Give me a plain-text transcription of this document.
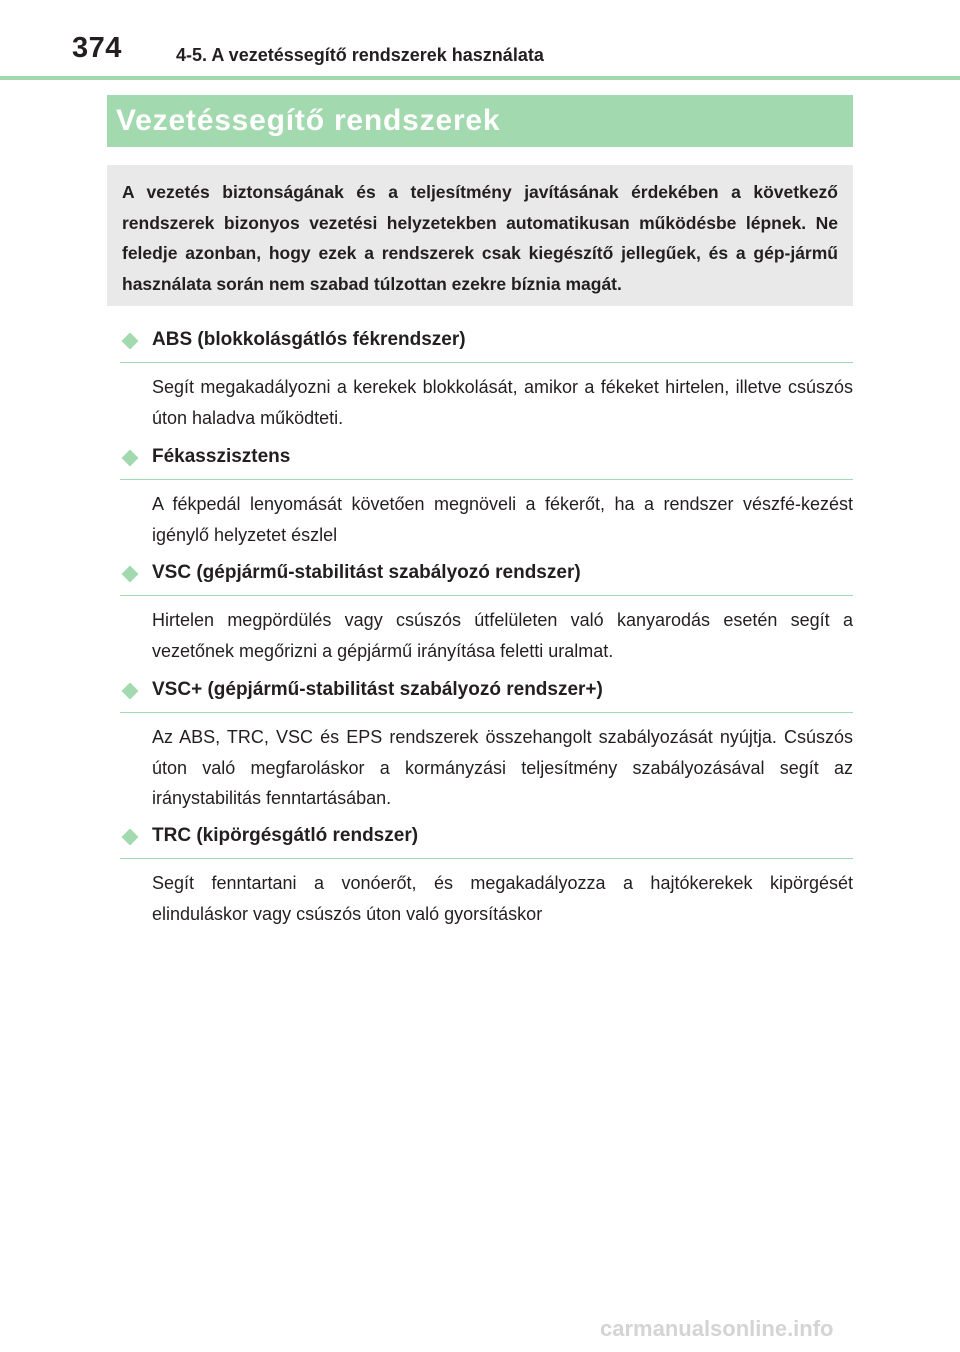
374	4-5. A vezetéssegítő rendszerek használata
Vezetéssegítő rendszerek
A vezetés biztonságának és a teljesítmény javításának érdekében a következő rendszerek bizonyos vezetési helyzetekben automatikusan működésbe lépnek. Ne feledje azonban, hogy ezek a rendszerek csak kiegészítő jellegűek, és a gép-jármű használata során nem szabad túlzottan ezekre bíznia magát.
ABS (blokkolásgátlós fékrendszer)
Segít megakadályozni a kerekek blokkolását, amikor a fékeket hirtelen, illetve csúszós úton haladva működteti.
Fékasszisztens
A fékpedál lenyomását követően megnöveli a fékerőt, ha a rendszer vészfé-kezést igénylő helyzetet észlel
VSC (gépjármű-stabilitást szabályozó rendszer)
Hirtelen megpördülés vagy csúszós útfelületen való kanyarodás esetén segít a vezetőnek megőrizni a gépjármű irányítása feletti uralmat.
VSC+ (gépjármű-stabilitást szabályozó rendszer+)
Az ABS, TRC, VSC és EPS rendszerek összehangolt szabályozását nyújtja. Csúszós úton való megfaroláskor a kormányzási teljesítmény szabályozásával segít az iránystabilitás fenntartásában.
TRC (kipörgésgátló rendszer)
Segít fenntartani a vonóerőt, és megakadályozza a hajtókerekek kipörgését elinduláskor vagy csúszós úton való gyorsításkor
carmanualsonline.info
